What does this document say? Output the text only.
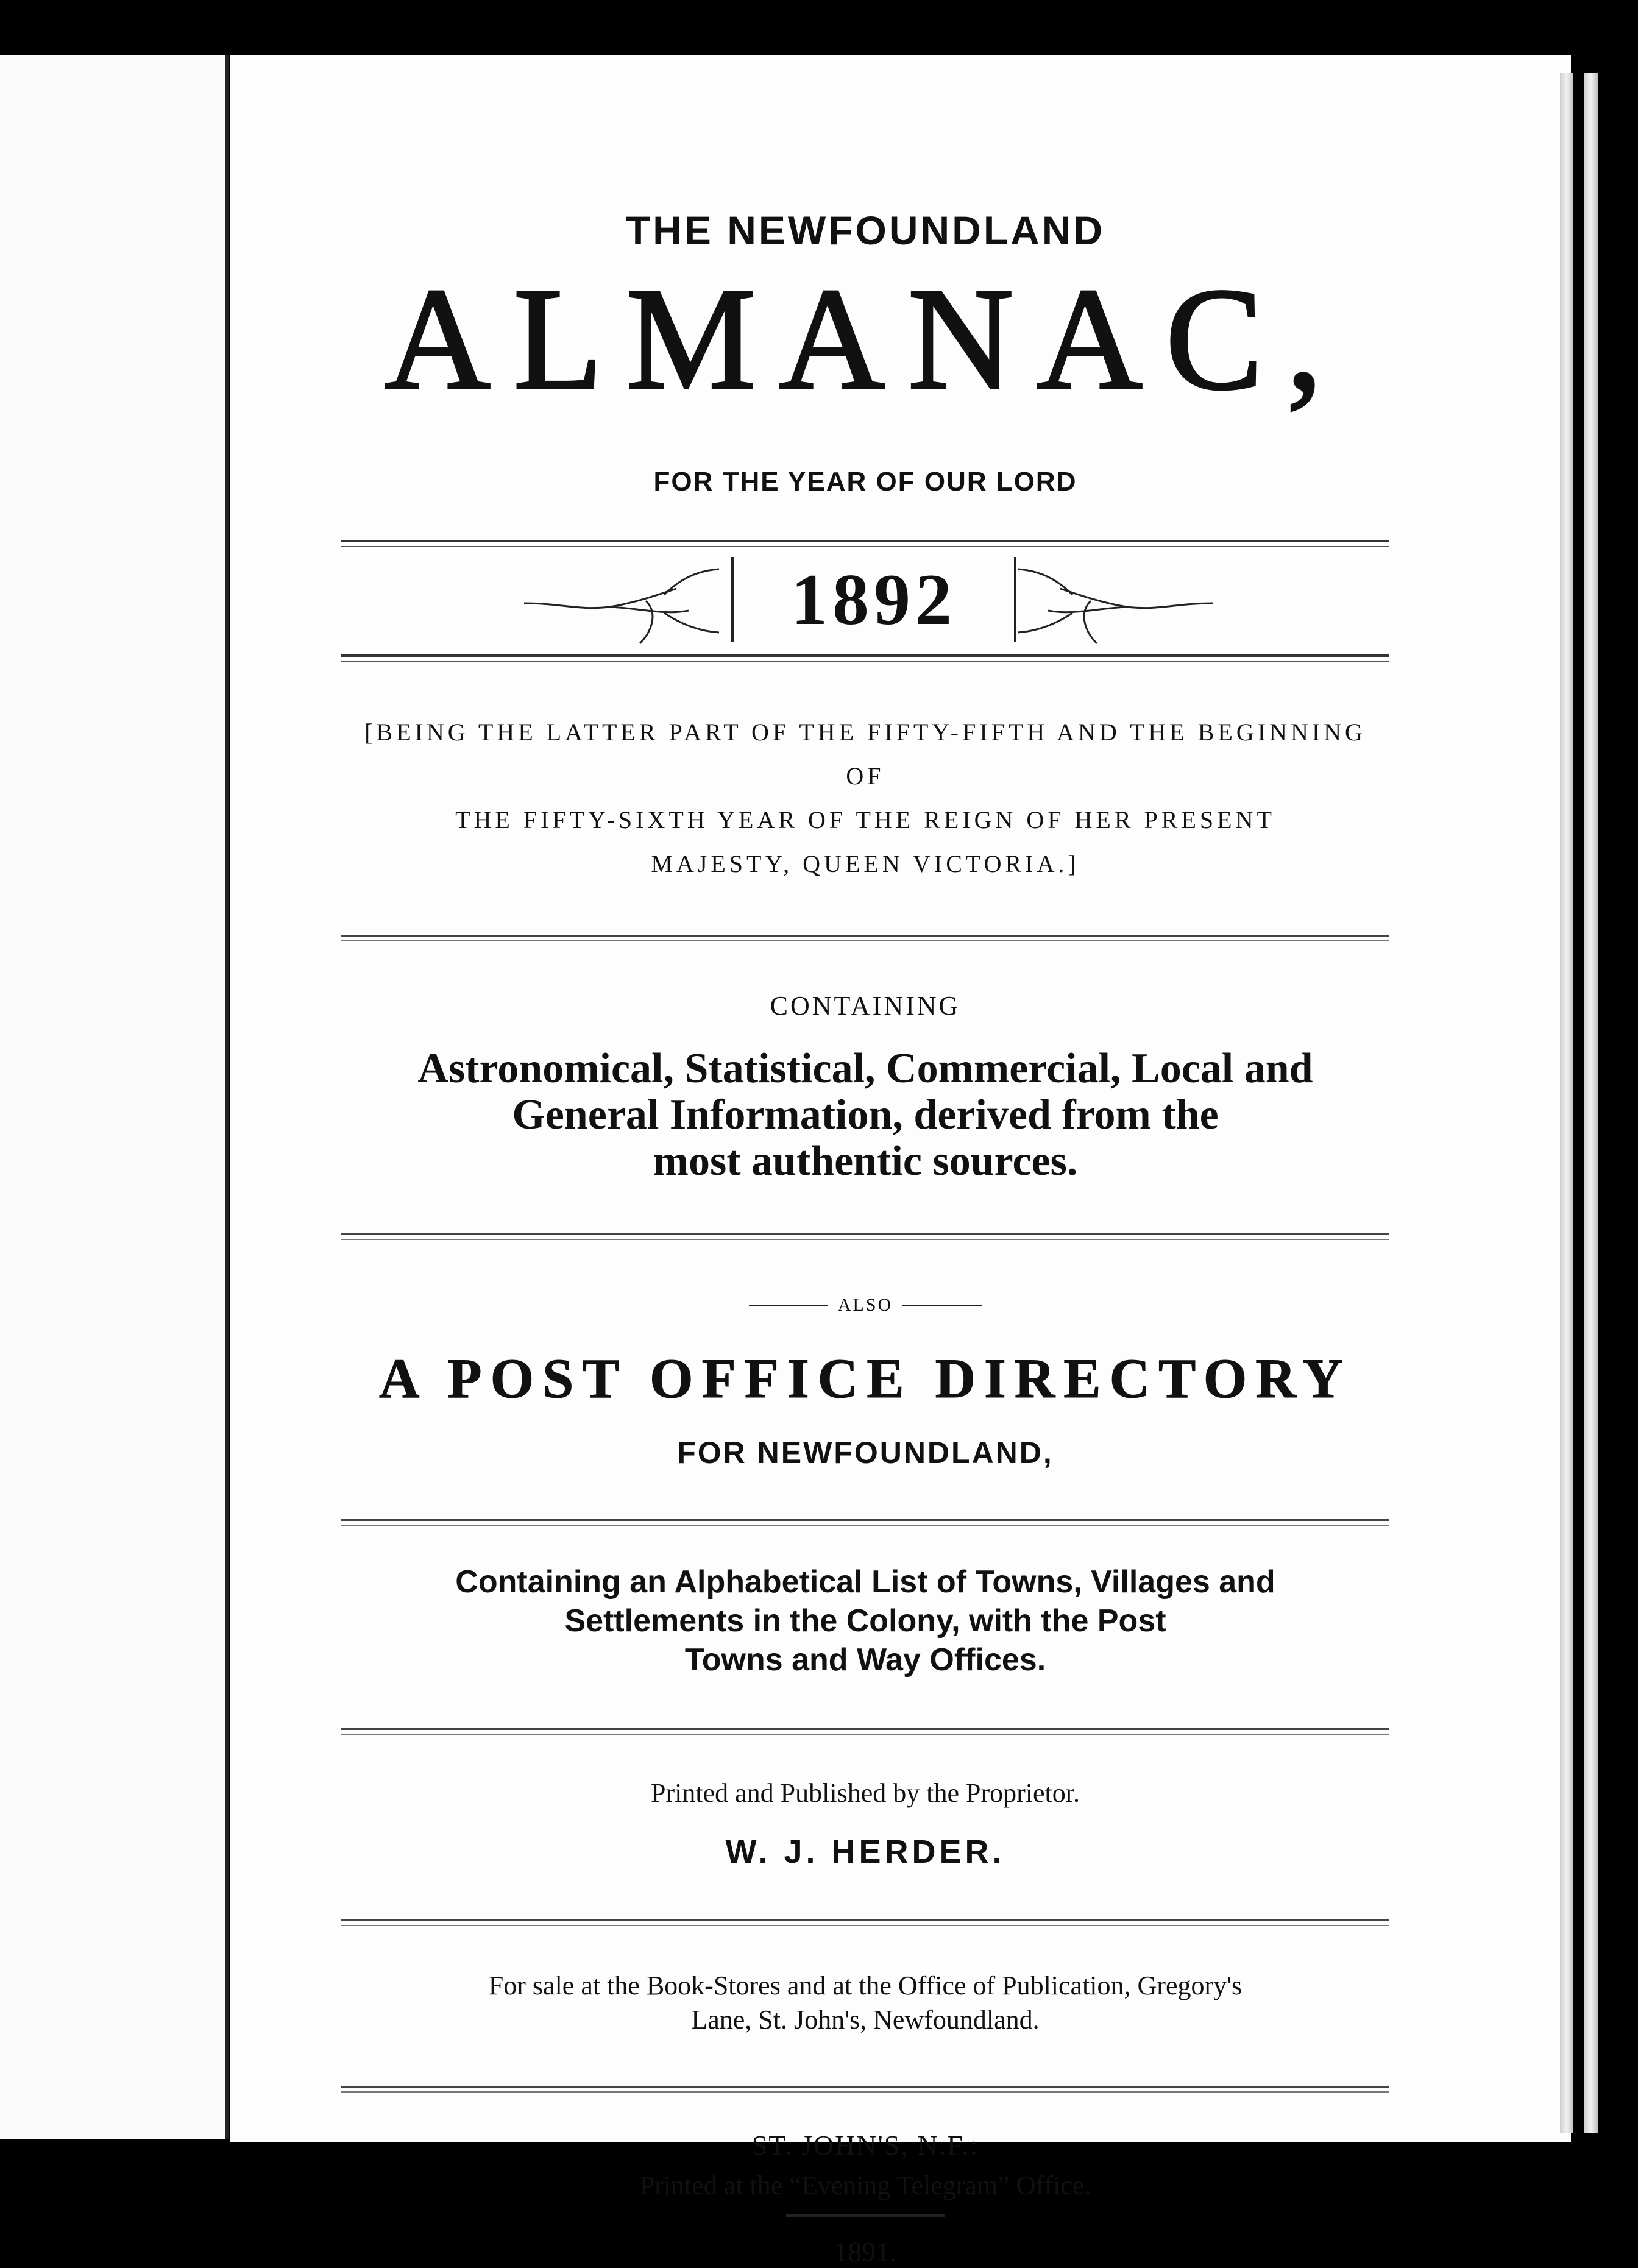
THE NEWFOUNDLAND
ALMANAC,
FOR THE YEAR OF OUR LORD
1892
[BEING THE LATTER PART OF THE FIFTY-FIFTH AND THE BEGINNING OF
THE FIFTY-SIXTH YEAR OF THE REIGN OF HER PRESENT
MAJESTY, QUEEN VICTORIA.]
CONTAINING
Astronomical, Statistical, Commercial, Local and
General Information, derived from the
most authentic sources.
ALSO
A POST OFFICE DIRECTORY
FOR NEWFOUNDLAND,
Containing an Alphabetical List of Towns, Villages and
Settlements in the Colony, with the Post
Towns and Way Offices.
Printed and Published by the Proprietor.
W. J. HERDER.
For sale at the Book-Stores and at the Office of Publication, Gregory's
Lane, St. John's, Newfoundland.
ST. JOHN'S, N.F.:
Printed at the “Evening Telegram” Office.
1891.
